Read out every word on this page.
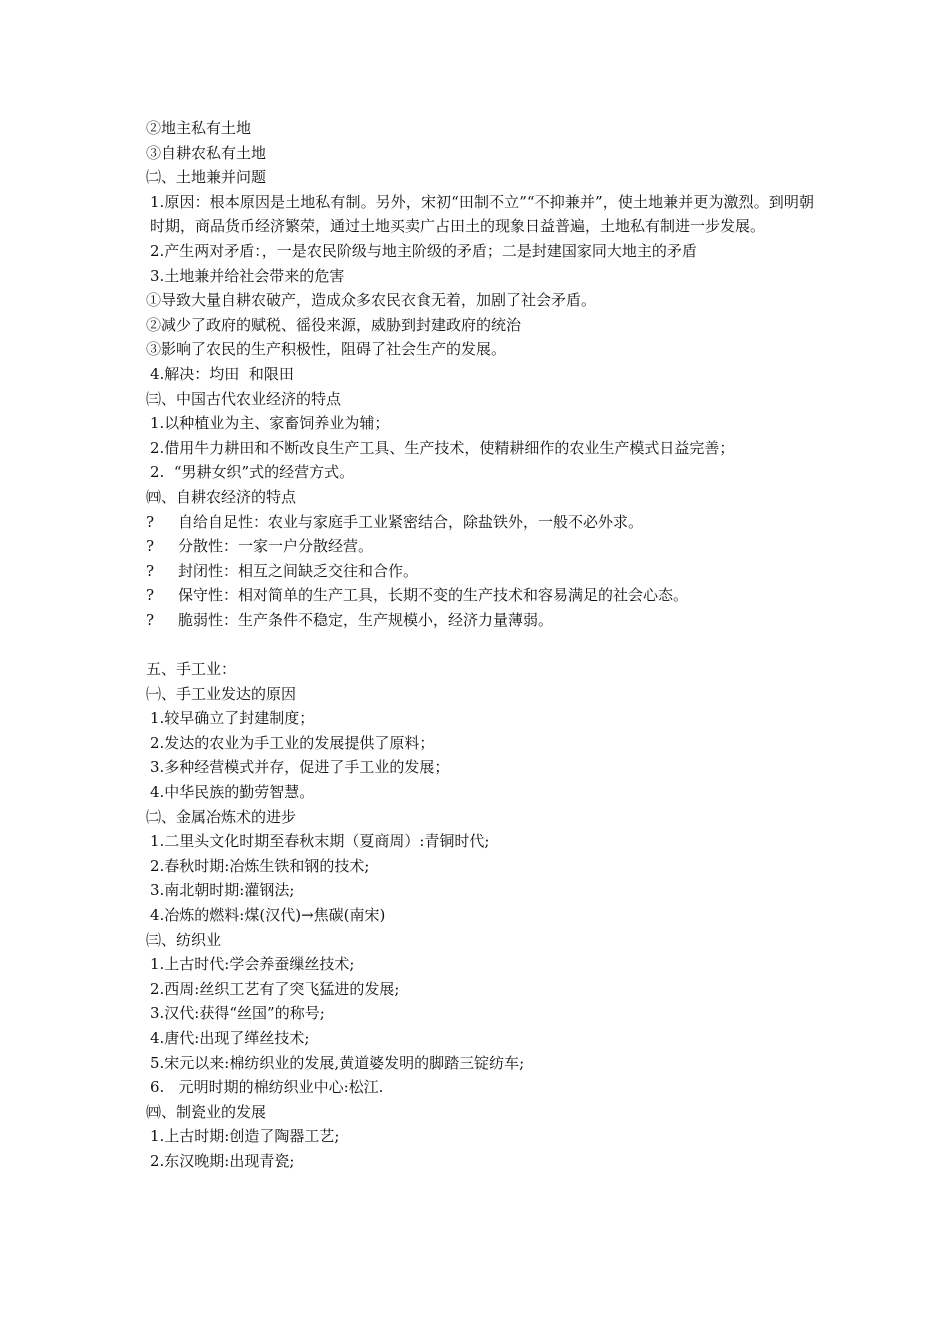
②地主私有土地
③自耕农私有土地
㈡、土地兼并问题

1.原因：根本原因是土地私有制。另外，宋初“田制不立”“不抑兼并”，使土地兼并更为激烈。到明朝时期，商品货币经济繁荣，通过土地买卖广占田土的现象日益普遍，土地私有制进一步发展。

2.产生两对矛盾：，一是农民阶级与地主阶级的矛盾；二是封建国家同大地主的矛盾
3.土地兼并给社会带来的危害
①导致大量自耕农破产，造成众多农民衣食无着，加剧了社会矛盾。
②减少了政府的赋税、徭役来源，威胁到封建政府的统治
③影响了农民的生产积极性，阻碍了社会生产的发展。
4.解决：均田  和限田
㈢、中国古代农业经济的特点
1.以种植业为主、家畜饲养业为辅；
2.借用牛力耕田和不断改良生产工具、生产技术，使精耕细作的农业生产模式日益完善；
2.  “男耕女织”式的经营方式。
㈣、自耕农经济的特点
?	自给自足性：农业与家庭手工业紧密结合，除盐铁外，一般不必外求。
?	分散性：一家一户分散经营。
?	封闭性：相互之间缺乏交往和合作。
?	保守性：相对简单的生产工具，长期不变的生产技术和容易满足的社会心态。
?	脆弱性：生产条件不稳定，生产规模小，经济力量薄弱。
五、手工业：
㈠、手工业发达的原因
1.较早确立了封建制度；
2.发达的农业为手工业的发展提供了原料；
3.多种经营模式并存，促进了手工业的发展；
4.中华民族的勤劳智慧。
㈡、金属冶炼术的进步
1.二里头文化时期至春秋末期（夏商周）:青铜时代;
2.春秋时期:冶炼生铁和钢的技术;
3.南北朝时期:灌钢法;
4.冶炼的燃料:煤(汉代)→焦碳(南宋)
㈢、纺织业
1.上古时代:学会养蚕缫丝技术;
2.西周:丝织工艺有了突飞猛进的发展;
3.汉代:获得“丝国”的称号;
4.唐代:出现了缂丝技术;
5.宋元以来:棉纺织业的发展,黄道婆发明的脚踏三锭纺车;
6.   元明时期的棉纺织业中心:松江.
㈣、制瓷业的发展
1.上古时期:创造了陶器工艺;
2.东汉晚期:出现青瓷;
